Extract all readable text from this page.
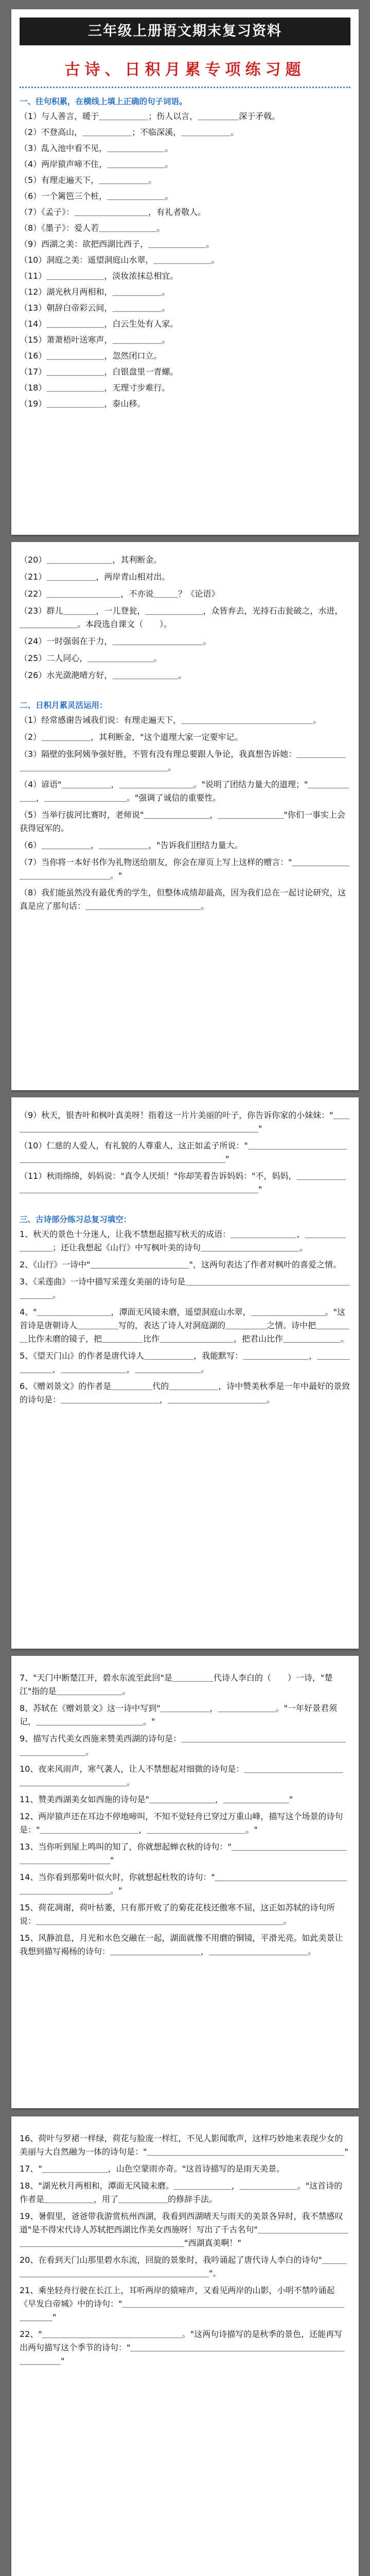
三年级上册语文期末复习资料
古诗、日积月累专项练习题
一、往句积累，在横线上填上正确的句子词语。
（1）与人善言，暖于＿＿＿＿＿＿；伤人以言，＿＿＿＿＿深于矛戟。
（2）不登高山，＿＿＿＿＿＿；不临深溪，＿＿＿＿＿＿。
（3）乱入池中看不见，＿＿＿＿＿＿＿。
（4）两岸猿声啼不住，＿＿＿＿＿＿＿。
（5）有理走遍天下，＿＿＿＿＿＿。
（6）一个篱笆三个桩，＿＿＿＿＿＿＿。
（7）《孟子》：＿＿＿＿＿＿＿＿＿，有礼者敬人。
（8）《墨子》：爱人若＿＿＿＿＿＿＿。
（9）西湖之美：欲把西湖比西子，＿＿＿＿＿＿＿。
（10）洞庭之美：遥望洞庭山水翠，＿＿＿＿＿＿＿。
（11）＿＿＿＿＿＿＿，淡妆浓抹总相宜。
（12）湖光秋月两相和，＿＿＿＿＿＿。
（13）朝辞白帝彩云间，＿＿＿＿＿＿。
（14）＿＿＿＿＿＿＿，白云生处有人家。
（15）萧萧梧叶送寒声，＿＿＿＿＿＿。
（16）＿＿＿＿＿＿＿，忽然闭口立。
（17）＿＿＿＿＿＿＿，白银盘里一青螺。
（18）＿＿＿＿＿＿＿，无理寸步难行。
（19）＿＿＿＿＿＿＿，泰山移。
（20）＿＿＿＿＿＿＿＿，其利断金。
（21）＿＿＿＿＿＿，两岸青山相对出。
（22）＿＿＿＿＿＿＿＿＿，不亦说＿＿＿？《论语》
（23）群儿＿＿＿＿，一儿登瓮，＿＿＿＿＿＿＿，众皆弃去，光持石击瓮破之，水迸，＿＿＿＿＿＿＿。本段选自课文（　　）。
（24）一时强弱在于力，＿＿＿＿＿＿＿＿＿＿＿。
（25）二人同心，＿＿＿＿＿＿＿＿。
（26）水光潋滟晴方好，＿＿＿＿＿＿＿＿。
二、日积月累灵活运用：
（1）经常感谢告诫我们说：有理走遍天下，＿＿＿＿＿＿＿＿＿＿＿＿＿＿＿＿。
（2）＿＿＿＿＿＿，其利断金，"这个道理大家一定要牢记。
（3）隔壁的张阿姨争强好胜，不管有没有理总要跟人争论，我真想告诉她：＿＿＿＿＿＿＿＿＿＿＿＿＿＿＿＿＿＿＿＿＿＿＿＿。
（4）谚语"＿＿＿＿＿＿，＿＿＿＿＿＿＿＿＿。"说明了团结力量大的道理；"＿＿＿＿＿＿＿，＿＿＿＿＿＿＿＿＿＿。"强调了诚信的重要性。
（5）当举行拔河比赛时，老师说"＿＿＿＿＿＿＿＿，＿＿＿＿＿＿＿＿"你们一事实上会获得冠军的。
（6）＿＿＿＿＿＿，＿＿＿＿＿＿，"告诉我们团结力量大。
（7）当你将一本好书作为礼物送给朋友，你会在扉页上写上这样的赠言："＿＿＿＿＿＿＿＿＿＿＿＿＿＿＿＿＿＿。"
（8）我们能虽然没有最优秀的学生，但整体成绩却最高，因为我们总在一起讨论研究，这真是应了那句话：＿＿＿＿＿＿＿＿＿＿＿＿＿＿。
（9）秋天，银杏叶和枫叶真美呀！指着这一片片美丽的叶子，你告诉你家的小妹妹："＿＿＿＿＿＿＿＿＿＿＿＿＿＿＿＿＿＿＿＿＿＿＿＿＿＿＿＿＿＿＿"
（10）仁慈的人爱人，有礼貌的人尊重人，这正如孟子所说："＿＿＿＿＿＿＿＿＿＿＿＿＿＿＿＿＿＿＿＿＿＿＿＿＿＿＿＿＿＿＿＿＿＿＿＿＿"
（11）秋雨绵绵，妈妈说："真令人厌烦！"你却笑着告诉妈妈："不，妈妈，＿＿＿＿＿＿＿＿＿＿＿＿＿＿＿＿＿＿＿＿＿＿＿＿＿＿＿＿＿＿＿＿＿＿＿"
三、古诗部分练习总复习填空：
1、秋天的景色十分迷人，让我不禁想起描写秋天的成语：＿＿＿＿＿＿＿＿、＿＿＿＿＿＿＿＿＿；还让我想起《山行》中写枫叶美的诗句＿＿＿＿＿＿＿＿＿＿＿＿。
2、《山行》一诗中"＿＿＿＿＿＿＿＿＿＿＿＿"，这两句表达了作者对枫叶的喜爱之情。
3、《采莲曲》一诗中描写采莲女美丽的诗句是＿＿＿＿＿＿＿＿＿＿＿＿＿＿＿＿＿＿＿＿＿＿＿＿。
4、"＿＿＿＿＿＿＿＿＿，潭面无风镜未磨，遥望洞庭山水翠，＿＿＿＿＿＿＿＿＿。"这首诗是唐朝诗人＿＿＿＿＿写的，表达了诗人对洞庭湖的＿＿＿＿＿之情。诗中把＿＿＿＿＿比作未磨的镜子，把＿＿＿＿＿比作＿＿＿＿＿＿＿＿＿，把君山比作＿＿＿＿＿＿＿。
5、《望天门山》的作者是唐代诗人＿＿＿＿＿＿，我能默写：＿＿＿＿＿＿＿＿，＿＿＿＿＿＿＿＿，＿＿＿＿＿＿＿＿，＿＿＿＿＿＿＿＿。
6、《赠刘景文》的作者是＿＿＿＿＿代的＿＿＿＿＿＿，诗中赞美秋季是一年中最好的景致的诗句是：＿＿＿＿＿＿＿＿＿＿＿＿，＿＿＿＿＿＿＿＿＿＿＿＿。
7、"天门中断楚江开，碧水东流至此回"是＿＿＿＿＿代诗人李白的（　　）一诗，"楚江"指的是＿＿＿＿＿＿＿＿。
8、苏轼在《赠刘景文》这一诗中写到"＿＿＿＿＿＿，＿＿＿＿＿＿＿。"一年好景君须记，＿＿＿＿＿＿＿＿＿＿＿＿＿。"
9、描写古代美女西施来赞美西湖的诗句是：＿＿＿＿＿＿＿＿＿＿＿＿＿＿＿＿＿＿＿＿＿＿＿＿＿＿＿＿。
10、夜来风雨声，寒气袭人，让人不禁想起对细微的诗句是：＿＿＿＿＿＿＿＿＿＿＿＿＿＿＿＿＿＿＿＿＿＿＿＿＿。
11、赞美西湖美女如西施的诗句是"＿＿＿＿＿＿＿＿，＿＿＿＿＿＿＿＿"
12、两岸猿声还在耳边不停地啼叫，不知不觉轻舟已穿过万重山峰，描写这个场景的诗句是："＿＿＿＿＿＿＿＿＿＿＿＿，＿＿＿＿＿＿＿＿＿＿＿＿。"
13、当你听到屋上鸣叫的知了，你就想起蝉衣秋的诗句："＿＿＿＿＿＿＿＿＿＿＿＿＿＿＿＿＿＿＿＿＿＿＿＿＿"
14、当你看到那菊叶似火时，你就想起杜牧的诗句："＿＿＿＿＿＿＿＿＿＿＿＿＿＿＿＿＿＿＿＿＿＿＿＿＿＿＿。"
15、荷花凋谢，荷叶枯萎，只有那开败了的菊花花枝还傲寒不屈，这正如苏轼的诗句所说：＿＿＿＿＿＿＿＿＿＿＿＿＿＿＿＿＿＿＿＿＿＿＿＿＿＿＿＿＿＿。
15、风静浪息，月光和水色交融在一起，湖面就像不用磨的铜镜，平滑光亮。如此美景让我想到描写褐杨的诗句：＿＿＿＿＿＿＿＿＿＿＿，＿＿＿＿＿＿＿＿＿＿＿＿。
16、荷叶与罗裙一样绿，荷花与脸庞一样红，不见人影闻歌声，这样巧妙地来表现少女的美丽与大自然融为一体的诗句是："＿＿＿＿＿＿＿＿＿＿＿＿＿＿＿＿＿＿＿＿＿＿＿＿"
17、"＿＿＿＿＿＿＿＿，山色空蒙雨亦奇。"这首诗描写的是雨天美景。
18、"湖光秋月两相和，潭面无风镜未磨。＿＿＿＿＿＿＿，＿＿＿＿＿＿＿。"这首诗的作者是＿＿＿＿＿＿，用了＿＿＿＿＿＿的修辞手法。
19、暑假里，爸爸带我游赏杭州西湖，我看到西湖晴天与雨天的美景各异时，我不禁感叹道"是不得宋代诗人苏轼把西湖比作美女西施呀！写出了千古名句"＿＿＿＿＿＿＿＿＿＿＿＿＿＿＿＿＿＿＿＿＿＿＿＿＿＿＿＿＿＿＿"西湖真美啊！"
20、在看到天门山那里碧水东流，回旋的景象时，我吟诵起了唐代诗人李白的诗句"＿＿＿＿＿＿＿＿＿＿＿＿＿＿＿＿＿＿＿＿＿＿＿＿＿＿"。
21、乘坐轻舟行驶在长江上，耳听两岸的猿啼声，又看见两岸的山影，小明不禁吟诵起《早发白帝城》中的诗句："＿＿＿＿＿＿＿＿＿＿＿＿＿＿＿＿＿＿＿＿＿＿＿＿＿＿＿＿＿＿＿"
22、"＿＿＿＿＿＿＿＿＿＿＿＿＿＿＿＿＿。"这两句诗描写的是秋季的景色，还能再写出两句描写这个季节的诗句："＿＿＿＿＿＿＿＿＿＿＿＿＿＿＿＿＿＿＿＿＿＿＿＿＿＿＿＿＿＿＿"
